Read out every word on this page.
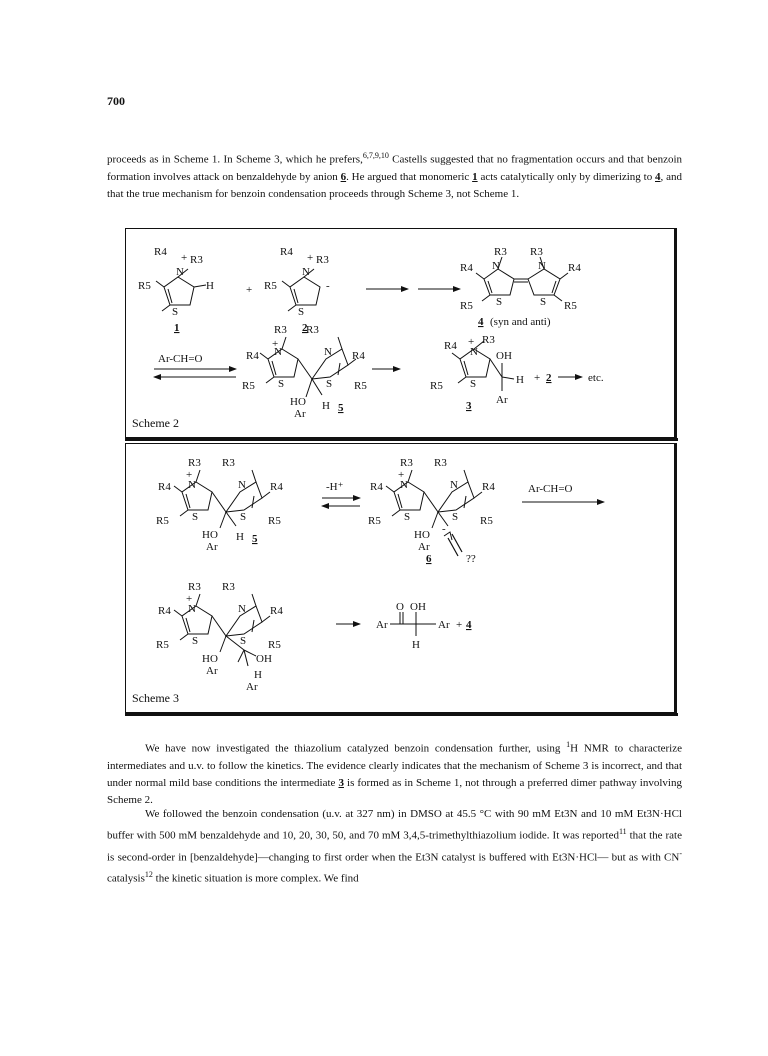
700

proceeds as in Scheme 1. In Scheme 3, which he prefers,$^{6,7,9,10}$ Castells suggested that no fragmentation occurs and that benzoin formation involves attack on benzaldehyde by anion 6. He argued that monomeric 1 acts catalytically only by dimerizing to 4, and that the true mechanism for benzoin condensation proceeds through Scheme 3, not Scheme 1.

R4 +
N
R3
H
R5
S
1
+
R4 +
N
R3
-
R5
S
2
R3 R3
N	N
R4	R4
R5	R5
S	S
4 (syn and anti)
Ar-CH=O
R3 R3
+
N	N
R4	R4
R5	R5
S	S
HO H
Ar	5
R4 +
N
R3
OH
H
R5 S
Ar
3
+ 2	etc.
Scheme 2
R3 R3
+
N	N
R4	R4
R5	R5
S	S
HO H
Ar
5
-H⁺
R3 R3
+
N	N
R4	R4
R5	R5
S	S
HO -
Ar
6	??
Ar-CH=O
R3 R3
+
N	N
R4	R4
R5	R5
S	S
HO
Ar
OH
H
Ar
Scheme 3
O OH
Ar	Ar
H
+ 4

We have now investigated the thiazolium catalyzed benzoin condensation further, using $^1$H NMR to characterize intermediates and u.v. to follow the kinetics. The evidence clearly indicates that the mechanism of Scheme 3 is incorrect, and that under normal mild base conditions the intermediate 3 is formed as in Scheme 1, not through a preferred dimer pathway involving Scheme 2.

We followed the benzoin condensation (u.v. at 327 nm) in DMSO at 45.5 °C with 90 mM Et3N and 10 mM Et3N·HCl buffer with 500 mM benzaldehyde and 10, 20, 30, 50, and 70 mM 3,4,5-trimethylthiazolium iodide. It was reported$^{11}$ that the rate is second-order in [benzaldehyde]—changing to first order when the Et3N catalyst is buffered with Et3N·HCl— but as with CN- catalysis$^{12}$ the kinetic situation is more complex. We find
